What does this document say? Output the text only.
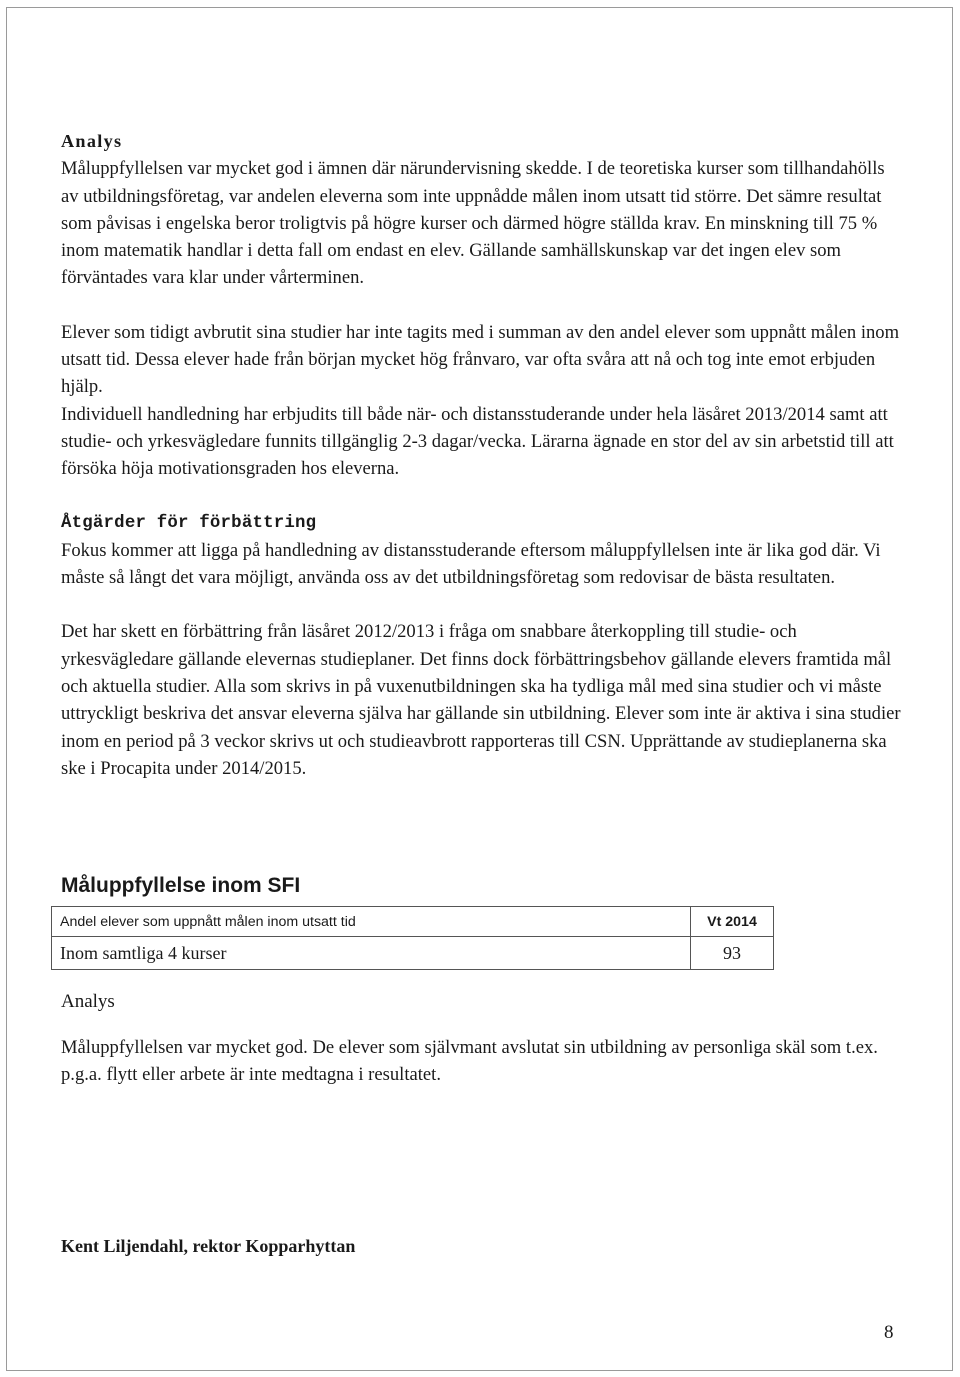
Analys

Måluppfyllelsen var mycket god i ämnen där närundervisning skedde. I de teoretiska kurser som tillhandahölls av utbildningsföretag, var andelen eleverna som inte uppnådde målen inom utsatt tid större. Det sämre resultat som påvisas i engelska beror troligtvis på högre kurser och därmed högre ställda krav. En minskning till 75 % inom matematik handlar i detta fall om endast en elev. Gällande samhällskunskap var det ingen elev som förväntades vara klar under vårterminen.

Elever som tidigt avbrutit sina studier har inte tagits med i summan av den andel elever som uppnått målen inom utsatt tid. Dessa elever hade från början mycket hög frånvaro, var ofta svåra att nå och tog inte emot erbjuden hjälp.

Individuell handledning har erbjudits till både när- och distansstuderande under hela läsåret 2013/2014 samt att studie- och yrkesvägledare funnits tillgänglig 2-3 dagar/vecka. Lärarna ägnade en stor del av sin arbetstid till att försöka höja motivationsgraden hos eleverna.

Åtgärder för förbättring

Fokus kommer att ligga på handledning av distansstuderande eftersom måluppfyllelsen inte är lika god där. Vi måste så långt det vara möjligt, använda oss av det utbildningsföretag som redovisar de bästa resultaten.

Det har skett en förbättring från läsåret 2012/2013 i fråga om snabbare återkoppling till studie- och yrkesvägledare gällande elevernas studieplaner. Det finns dock förbättringsbehov gällande elevers framtida mål och aktuella studier. Alla som skrivs in på vuxenutbildningen ska ha tydliga mål med sina studier och vi måste uttryckligt beskriva det ansvar eleverna själva har gällande sin utbildning. Elever som inte är aktiva i sina studier inom en period på 3 veckor skrivs ut och studieavbrott rapporteras till CSN. Upprättande av studieplanerna ska ske i Procapita under 2014/2015.

Måluppfyllelse inom SFI
Andel elever som uppnått målen inom utsatt tid	Vt 2014
Inom samtliga 4 kurser	93

Analys

Måluppfyllelsen var mycket god. De elever som självmant avslutat sin utbildning av personliga skäl som t.ex. p.g.a. flytt eller arbete är inte medtagna i resultatet.

Kent Liljendahl, rektor Kopparhyttan
8
